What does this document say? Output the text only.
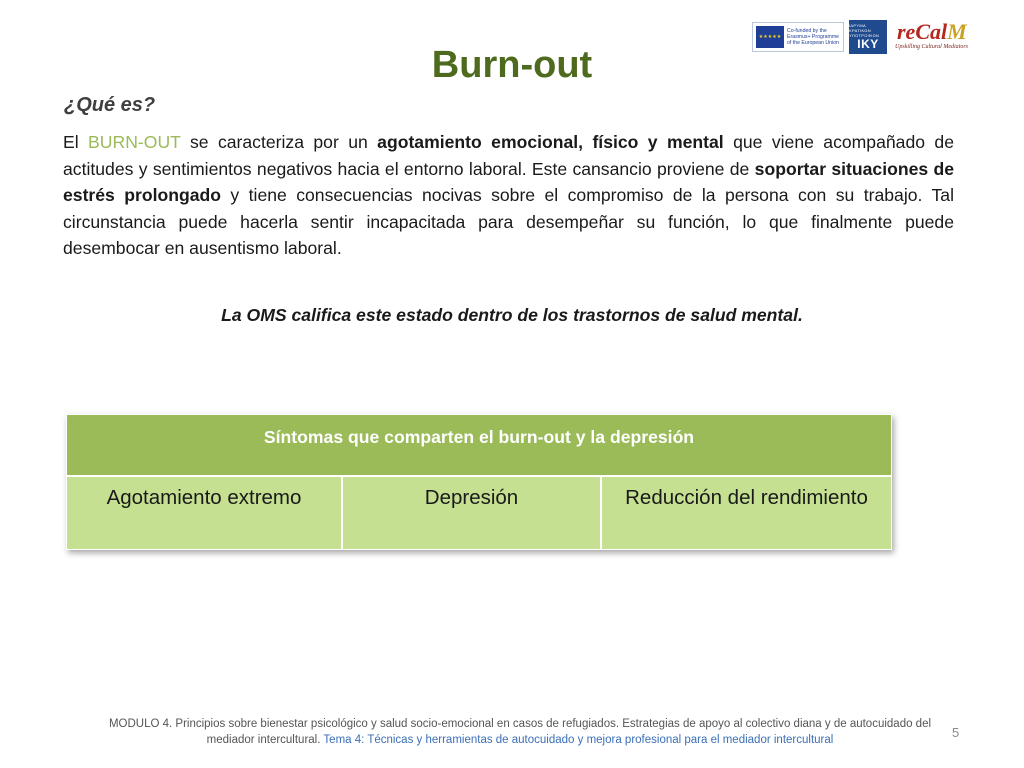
★★★★★
Co-funded by the Erasmus+ Programme of the European Union
ΙΔΡΥΜΑ ΚΡΑΤΙΚΩΝ ΥΠΟΤΡΟΦΙΩΝ
IKY reCalM
Upskilling Cultural Mediators
Burn-out
¿Qué es?

El BURN-OUT se caracteriza por un agotamiento emocional, físico y mental que viene acompañado de actitudes y sentimientos negativos hacia el entorno laboral. Este cansancio proviene de soportar situaciones de estrés prolongado y tiene consecuencias nocivas sobre el compromiso de la persona con su trabajo. Tal circunstancia puede hacerla sentir incapacitada para desempeñar su función, lo que finalmente puede desembocar en ausentismo laboral.

La OMS califica este estado dentro de los trastornos de salud mental.

Síntomas que comparten el burn-out y la depresión
Agotamiento extremo	Depresión	Reducción del rendimiento
MODULO 4. Principios sobre bienestar psicológico y salud socio-emocional en casos de refugiados. Estrategias de apoyo al colectivo diana y de autocuidado del mediador intercultural. Tema 4: Técnicas y herramientas de autocuidado y mejora profesional para el mediador intercultural	5
